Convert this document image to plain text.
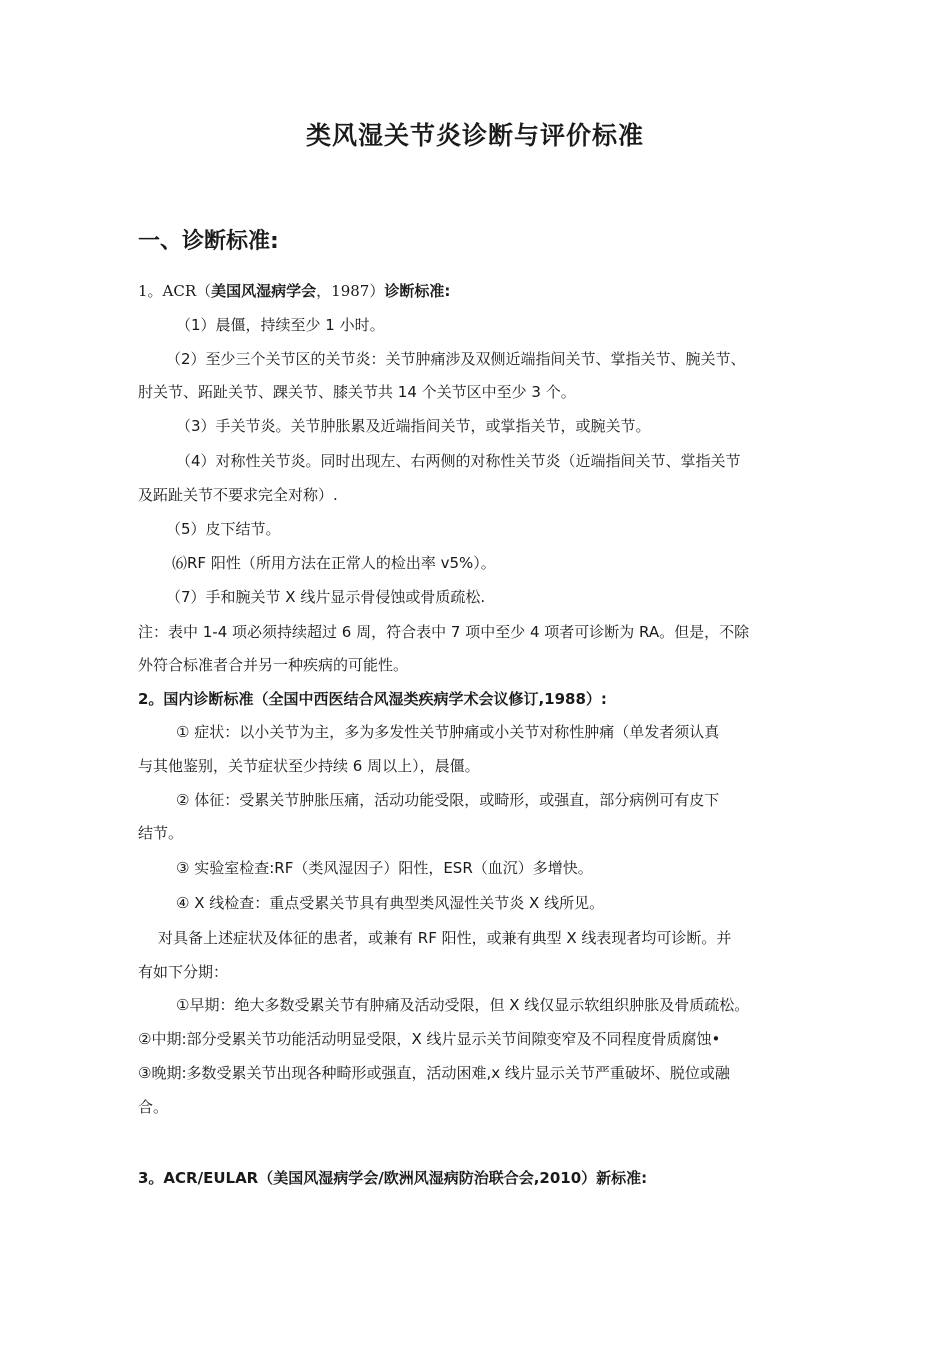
类风湿关节炎诊断与评价标准
一、诊断标准:
1。ACR（美国风湿病学会，1987）诊断标准:
（1）晨僵，持续至少 1 小时。
（2）至少三个关节区的关节炎：关节肿痛涉及双侧近端指间关节、掌指关节、腕关节、
肘关节、跖趾关节、踝关节、膝关节共 14 个关节区中至少 3 个。
（3）手关节炎。关节肿胀累及近端指间关节，或掌指关节，或腕关节。
（4）对称性关节炎。同时出现左、右两侧的对称性关节炎（近端指间关节、掌指关节
及跖趾关节不要求完全对称）.
（5）皮下结节。
⑹RF 阳性（所用方法在正常人的检出率 v5%）。
（7）手和腕关节 X 线片显示骨侵蚀或骨质疏松.
注：表中 1-4 项必须持续超过 6 周，符合表中 7 项中至少 4 项者可诊断为 RA。但是，不除
外符合标准者合并另一种疾病的可能性。
2。国内诊断标准（全国中西医结合风湿类疾病学术会议修订,1988）:
① 症状：以小关节为主，多为多发性关节肿痛或小关节对称性肿痛（单发者须认真
与其他鉴别，关节症状至少持续 6 周以上），晨僵。
② 体征：受累关节肿胀压痛，活动功能受限，或畸形，或强直，部分病例可有皮下
结节。
③ 实验室检查:RF（类风湿因子）阳性，ESR（血沉）多增快。
④ X 线检查：重点受累关节具有典型类风湿性关节炎 X 线所见。
对具备上述症状及体征的患者，或兼有 RF 阳性，或兼有典型 X 线表现者均可诊断。并
有如下分期：
①早期：绝大多数受累关节有肿痛及活动受限，但 X 线仅显示软组织肿胀及骨质疏松。
②中期:部分受累关节功能活动明显受限，X 线片显示关节间隙变窄及不同程度骨质腐蚀•
③晚期:多数受累关节出现各种畸形或强直，活动困难,x 线片显示关节严重破坏、脱位或融
合。
3。ACR/EULAR（美国风湿病学会/欧洲风湿病防治联合会,2010）新标准:
